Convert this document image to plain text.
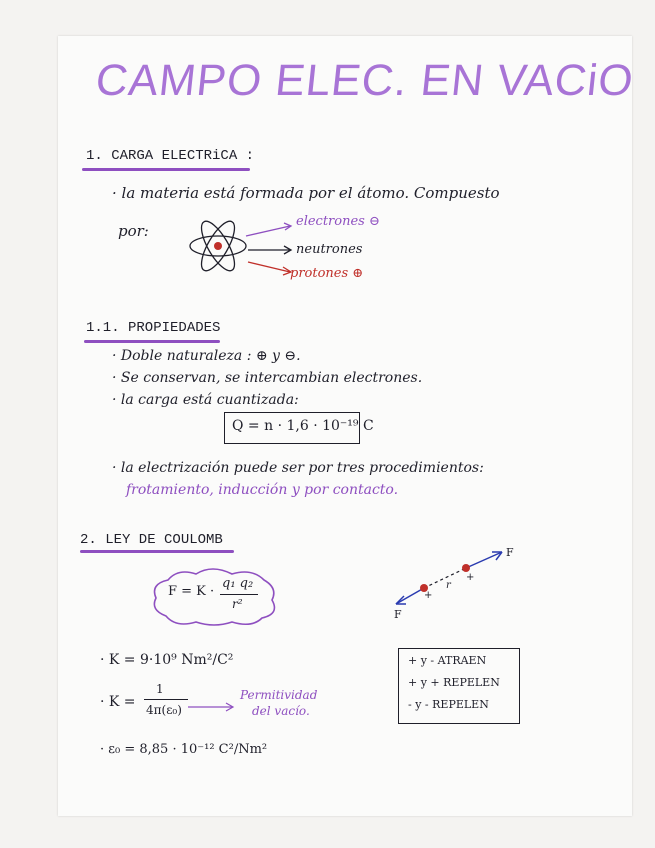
CAMPO ELEC. EN VACiO
1. CARGA ELECTRiCA :
· la materia está formada por el átomo. Compuesto
por:
electrones ⊖
neutrones
protones ⊕
1.1. PROPIEDADES
· Doble naturaleza : ⊕ y ⊖.
· Se conservan, se intercambian electrones.
· la carga está cuantizada:
Q = n · 1,6 · 10⁻¹⁹ C
· la electrización puede ser por tres procedimientos:
frotamiento, inducción y por contacto.
2. LEY DE COULOMB
F = K ·
q₁ q₂
r²
F
F
r
+
+
· K = 9·10⁹ Nm²/C²
· K =
1
4π(ε₀)
Permitividad
del vacío.
· ε₀ = 8,85 · 10⁻¹² C²/Nm²
+ y - ATRAEN
+ y + REPELEN
- y - REPELEN
